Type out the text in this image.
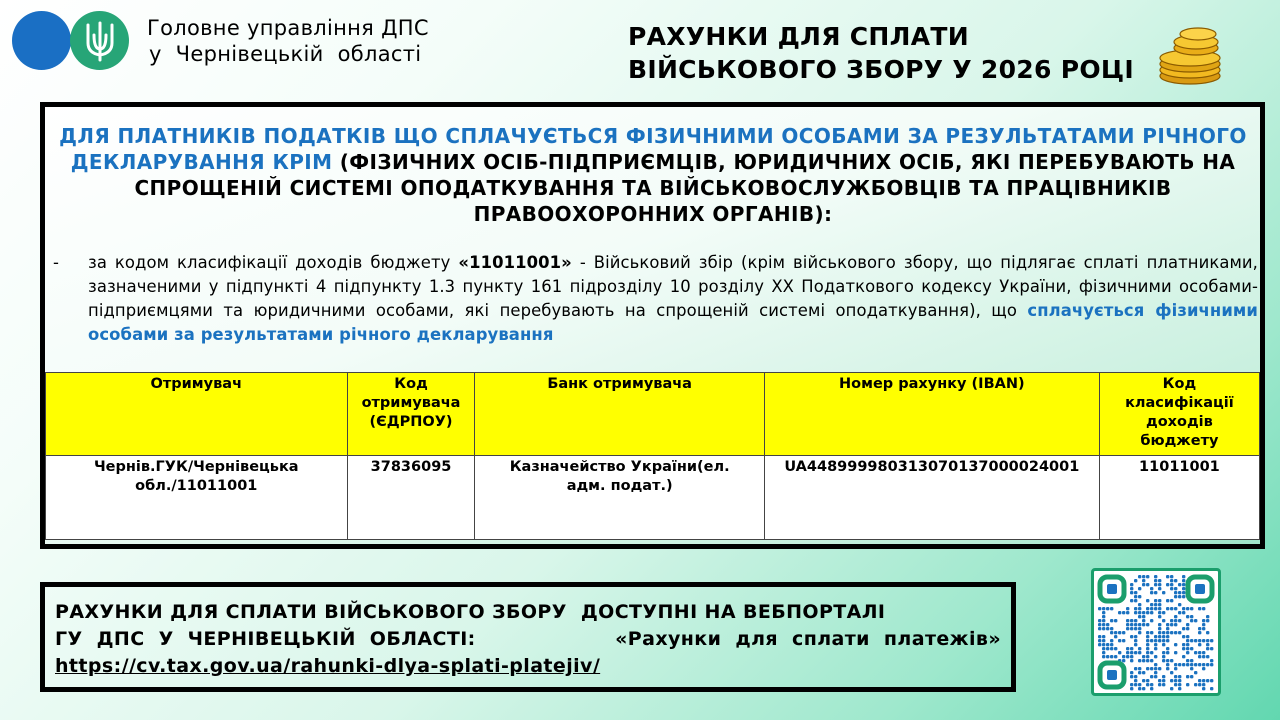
Головне управління ДПС
у  Чернівецькій  області
РАХУНКИ ДЛЯ СПЛАТИ
ВІЙСЬКОВОГО ЗБОРУ У 2026 РОЦІ
ДЛЯ ПЛАТНИКІВ ПОДАТКІВ ЩО СПЛАЧУЄТЬСЯ ФІЗИЧНИМИ ОСОБАМИ ЗА РЕЗУЛЬТАТАМИ РІЧНОГО ДЕКЛАРУВАННЯ КРІМ (ФІЗИЧНИХ ОСІБ-ПІДПРИЄМЦІВ, ЮРИДИЧНИХ ОСІБ, ЯКІ ПЕРЕБУВАЮТЬ НА СПРОЩЕНІЙ СИСТЕМІ ОПОДАТКУВАННЯ ТА ВІЙСЬКОВОСЛУЖБОВЦІВ ТА ПРАЦІВНИКІВ ПРАВООХОРОННИХ ОРГАНІВ):
- за кодом класифікації доходів бюджету «11011001» - Військовий збір (крім військового збору, що підлягає сплаті платниками, зазначеними у підпункті 4 підпункту 1.3 пункту 161 підрозділу 10 розділу XX Податкового кодексу України, фізичними особами-підприємцями та юридичними особами, які перебувають на спрощеній системі оподаткування), що сплачується фізичними особами за результатами річного декларування
Отримувач	Код отримувача (ЄДРПОУ)	Банк отримувача	Номер рахунку (IBAN)	Код класифікації доходів бюджету
Чернів.ГУК/Чернівецька обл./11011001	37836095	Казначейство України(ел. адм. подат.)	UA448999980313070137000024001	11011001
РАХУНКИ ДЛЯ СПЛАТИ ВІЙСЬКОВОГО ЗБОРУ  ДОСТУПНІ НА ВЕБПОРТАЛІ
ГУ  ДПС  У  ЧЕРНІВЕЦЬКІЙ  ОБЛАСТІ:	«Рахунки  для  сплати  платежів»
https://cv.tax.gov.ua/rahunki-dlya-splati-platejiv/
